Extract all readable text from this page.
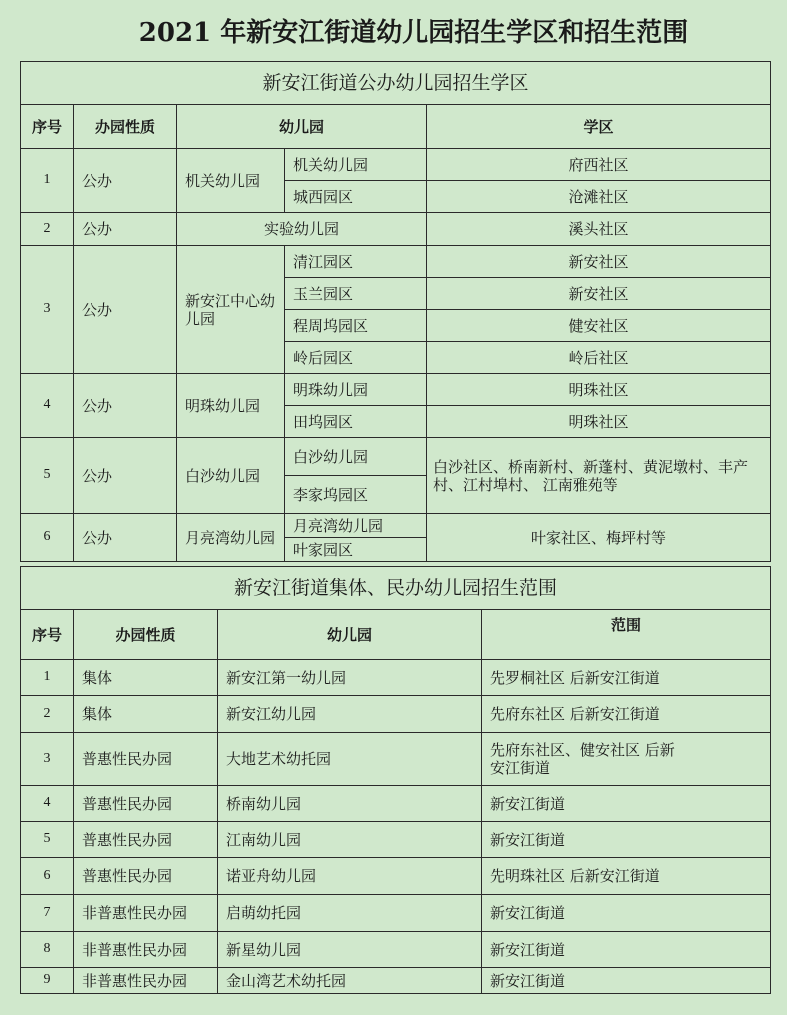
2021 年新安江街道幼儿园招生学区和招生范围
新安江街道公办幼儿园招生学区				
序号	办园性质	幼儿园		学区
1	公办	机关幼儿园	机关幼儿园	府西社区
			城西园区	沧滩社区
2	公办	实验幼儿园		溪头社区
3	公办	新安江中心幼儿园	清江园区	新安社区
			玉兰园区	新安社区
			程周坞园区	健安社区
			岭后园区	岭后社区
4	公办	明珠幼儿园	明珠幼儿园	明珠社区
			田坞园区	明珠社区
5	公办	白沙幼儿园	白沙幼儿园	白沙社区、桥南新村、新蓬村、黄泥墩村、丰产村、江村埠村、 江南雅苑等
			李家坞园区	
6	公办	月亮湾幼儿园	月亮湾幼儿园	叶家社区、梅坪村等
			叶家园区	
新安江街道集体、民办幼儿园招生范围			
序号	办园性质	幼儿园	范围
1	集体	新安江第一幼儿园	先罗桐社区 后新安江街道
2	集体	新安江幼儿园	先府东社区 后新安江街道
3	普惠性民办园	大地艺术幼托园	先府东社区、健安社区 后新安江街道
4	普惠性民办园	桥南幼儿园	新安江街道
5	普惠性民办园	江南幼儿园	新安江街道
6	普惠性民办园	诺亚舟幼儿园	先明珠社区 后新安江街道
7	非普惠性民办园	启萌幼托园	新安江街道
8	非普惠性民办园	新星幼儿园	新安江街道
9	非普惠性民办园	金山湾艺术幼托园	新安江街道
